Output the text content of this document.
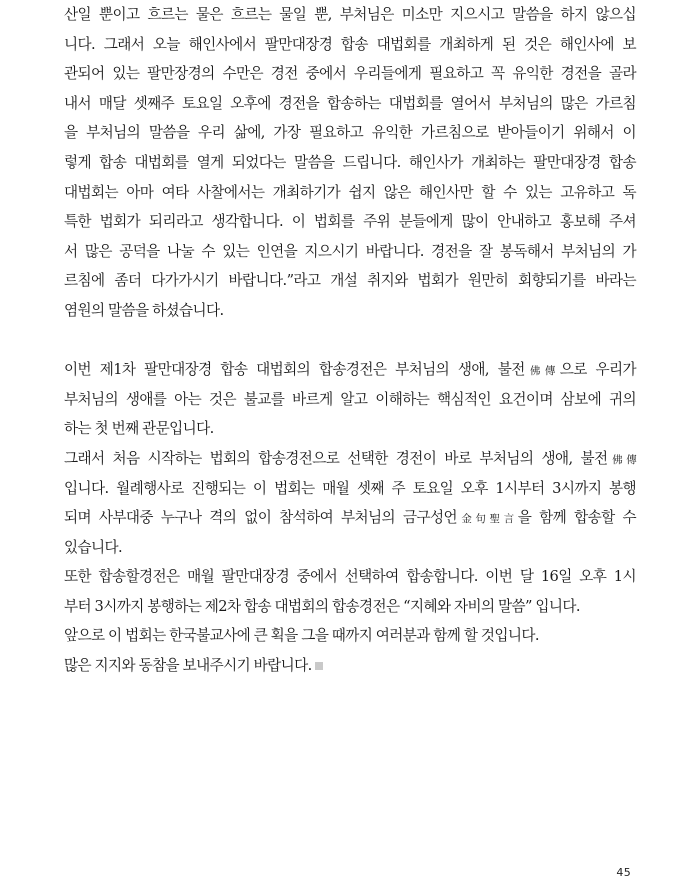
산일 뿐이고 흐르는 물은 흐르는 물일 뿐, 부처님은 미소만 지으시고 말씀을 하지 않으십
니다. 그래서 오늘 해인사에서 팔만대장경 합송 대법회를 개최하게 된 것은 해인사에 보
관되어 있는 팔만장경의 수만은 경전 중에서 우리들에게 필요하고 꼭 유익한 경전을 골라
내서 매달 셋째주 토요일 오후에 경전을 합송하는 대법회를 열어서 부처님의 많은 가르침
을 부처님의 말씀을 우리 삶에, 가장 필요하고 유익한 가르침으로 받아들이기 위해서 이
렇게 합송 대법회를 열게 되었다는 말씀을 드립니다. 해인사가 개최하는 팔만대장경 합송
대법회는 아마 여타 사찰에서는 개최하기가 쉽지 않은 해인사만 할 수 있는 고유하고 독
특한 법회가 되리라고 생각합니다. 이 법회를 주위 분들에게 많이 안내하고 홍보해 주셔
서 많은 공덕을 나눌 수 있는 인연을 지으시기 바랍니다. 경전을 잘 봉독해서 부처님의 가
르침에 좀더 다가가시기 바랍니다.”라고 개설 취지와 법회가 원만히 회향되기를 바라는
염원의 말씀을 하셨습니다.
이번 제1차 팔만대장경 합송 대법회의 합송경전은 부처님의 생애, 불전佛傳으로 우리가
부처님의 생애를 아는 것은 불교를 바르게 알고 이해하는 핵심적인 요건이며 삼보에 귀의
하는 첫 번째 관문입니다.
그래서 처음 시작하는 법회의 합송경전으로 선택한 경전이 바로 부처님의 생애, 불전佛傳
입니다. 월례행사로 진행되는 이 법회는 매월 셋째 주 토요일 오후 1시부터 3시까지 봉행
되며 사부대중 누구나 격의 없이 참석하여 부처님의 금구성언金句聖言을 함께 합송할 수
있습니다.
또한 합송할경전은 매월 팔만대장경 중에서 선택하여 합송합니다. 이번 달 16일 오후 1시
부터 3시까지 봉행하는 제2차 합송 대법회의 합송경전은 “지혜와 자비의 말씀” 입니다.
앞으로 이 법회는 한국불교사에 큰 획을 그을 때까지 여러분과 함께 할 것입니다.
많은 지지와 동참을 보내주시기 바랍니다.
45
